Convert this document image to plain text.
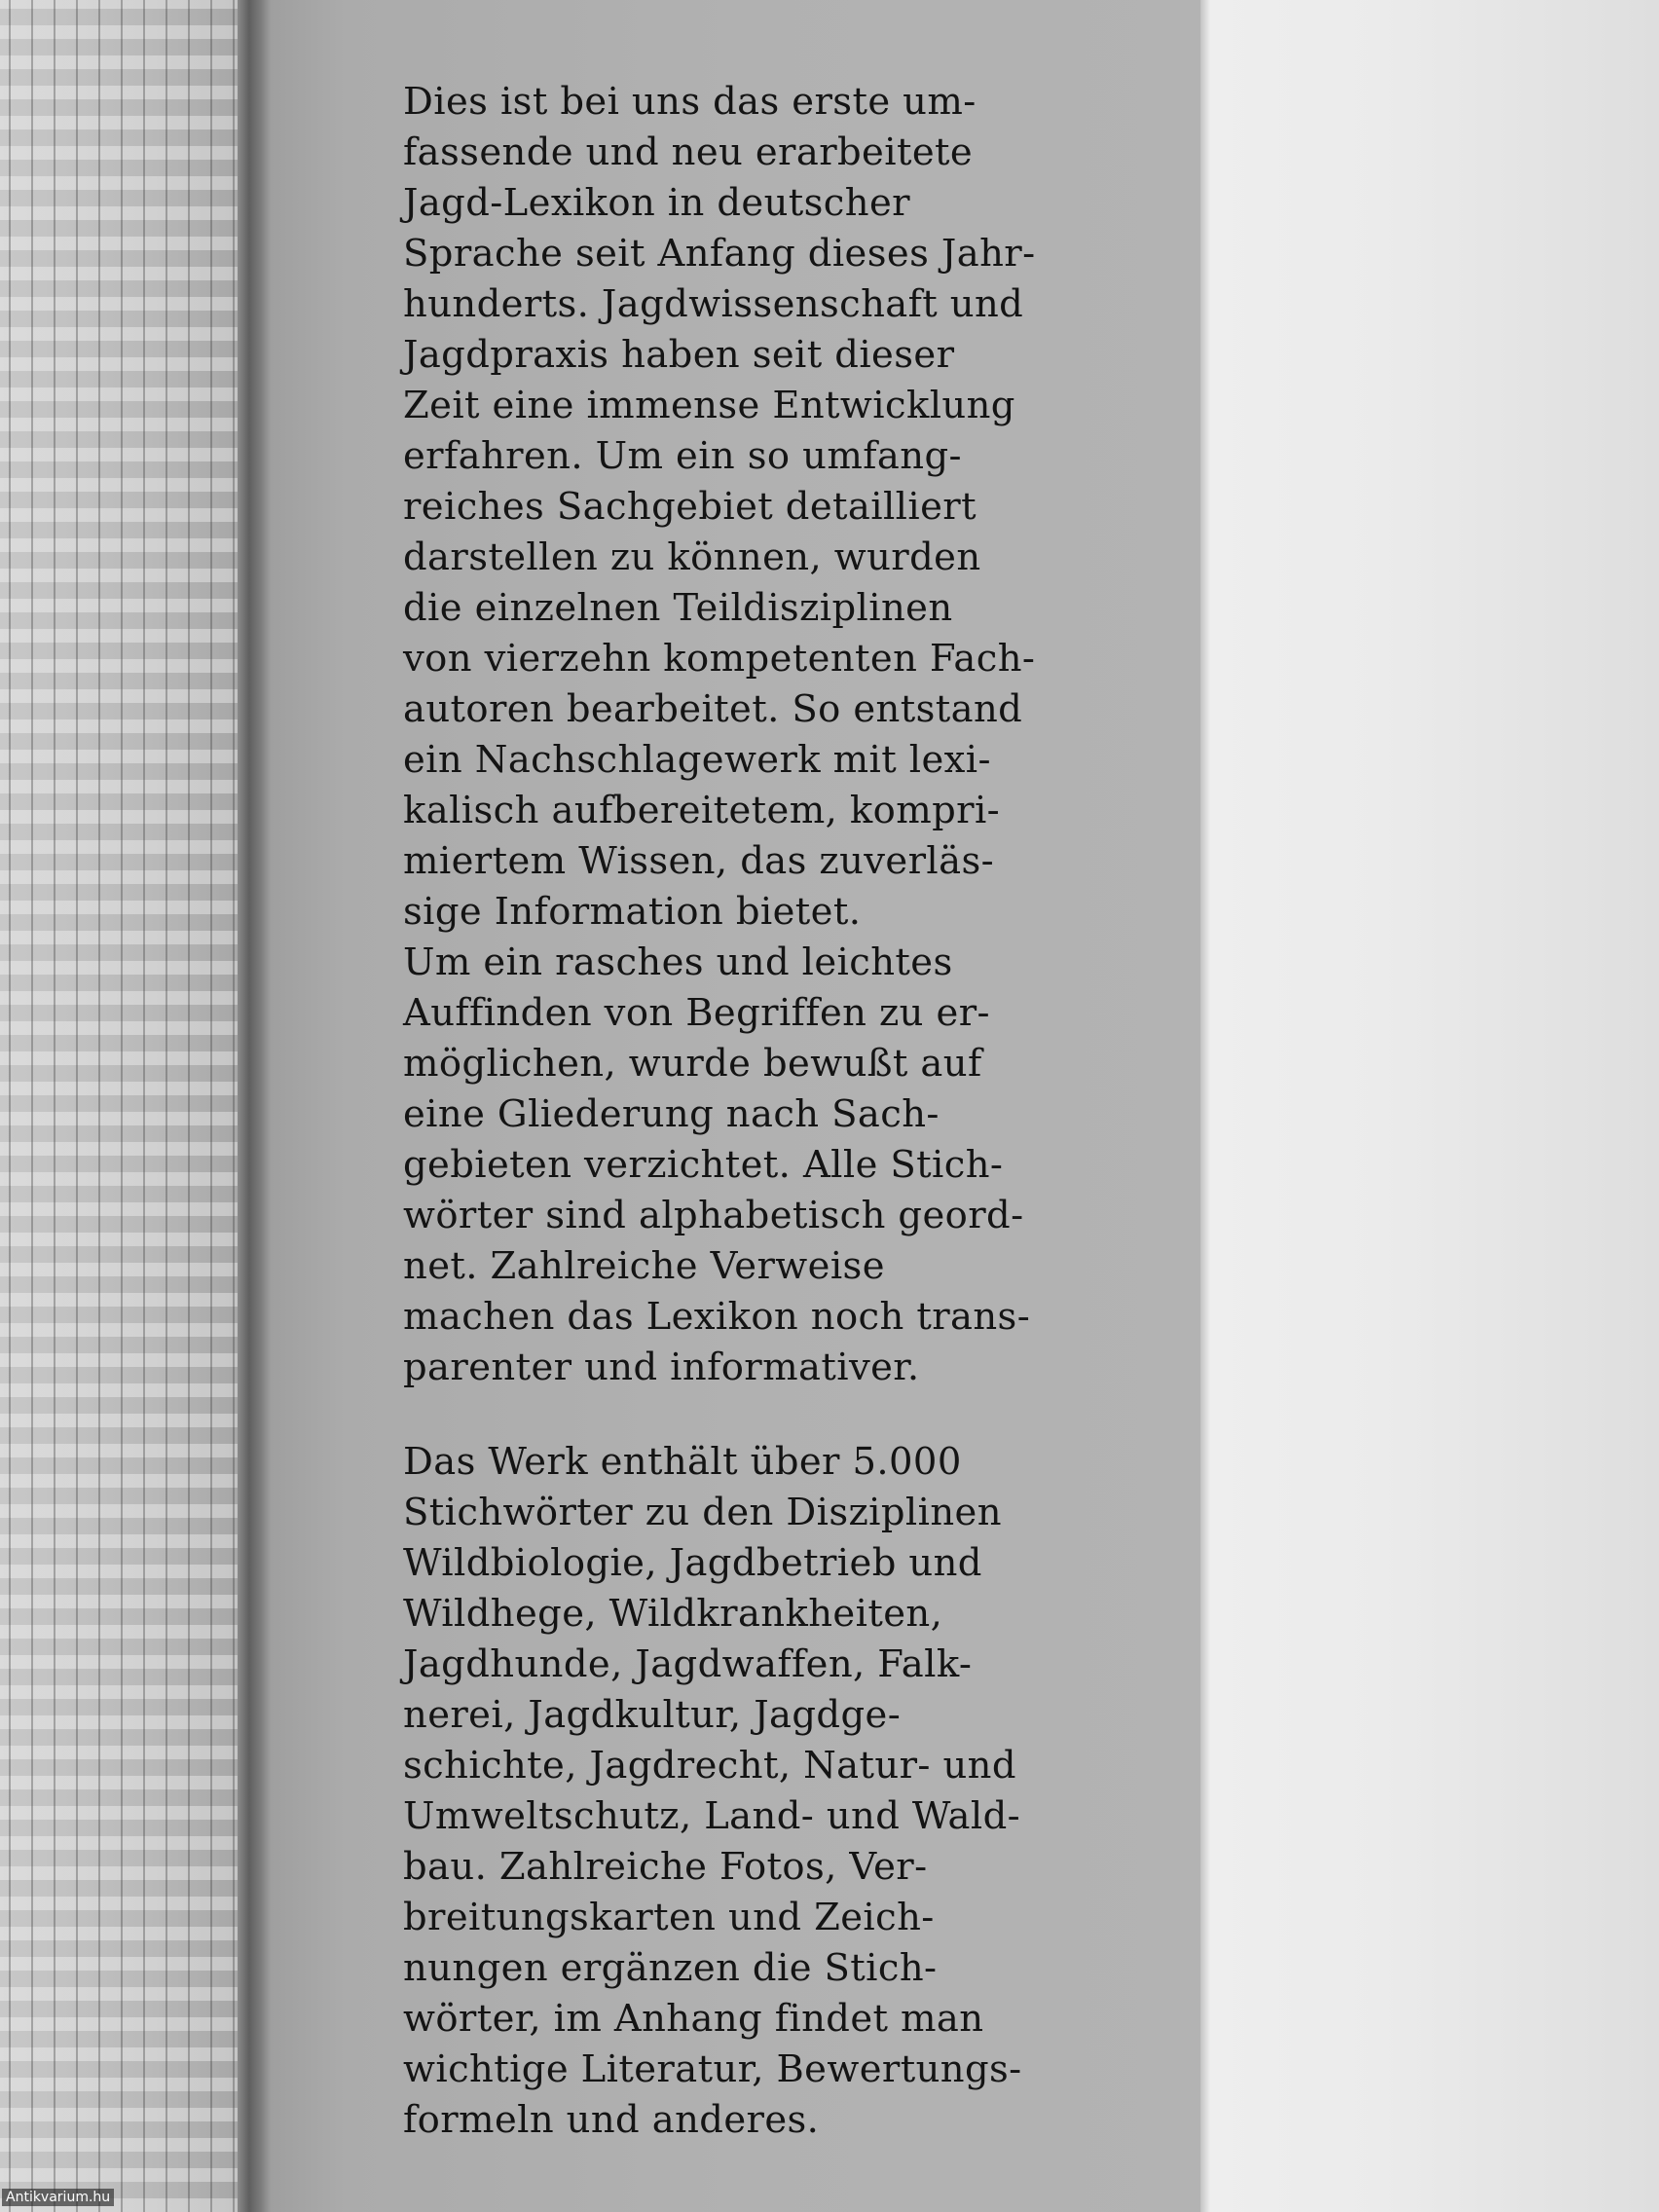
Dies ist bei uns das erste um-
fassende und neu erarbeitete
Jagd-Lexikon in deutscher
Sprache seit Anfang dieses Jahr-
hunderts. Jagdwissenschaft und
Jagdpraxis haben seit dieser
Zeit eine immense Entwicklung
erfahren. Um ein so umfang-
reiches Sachgebiet detailliert
darstellen zu können, wurden
die einzelnen Teildisziplinen
von vierzehn kompetenten Fach-
autoren bearbeitet. So entstand
ein Nachschlagewerk mit lexi-
kalisch aufbereitetem, kompri-
miertem Wissen, das zuverläs-
sige Information bietet.
Um ein rasches und leichtes
Auffinden von Begriffen zu er-
möglichen, wurde bewußt auf
eine Gliederung nach Sach-
gebieten verzichtet. Alle Stich-
wörter sind alphabetisch geord-
net. Zahlreiche Verweise
machen das Lexikon noch trans-
parenter und informativer.
Das Werk enthält über 5.000
Stichwörter zu den Disziplinen
Wildbiologie, Jagdbetrieb und
Wildhege, Wildkrankheiten,
Jagdhunde, Jagdwaffen, Falk-
nerei, Jagdkultur, Jagdge-
schichte, Jagdrecht, Natur- und
Umweltschutz, Land- und Wald-
bau. Zahlreiche Fotos, Ver-
breitungskarten und Zeich-
nungen ergänzen die Stich-
wörter, im Anhang findet man
wichtige Literatur, Bewertungs-
formeln und anderes.
Antikvarium.hu
